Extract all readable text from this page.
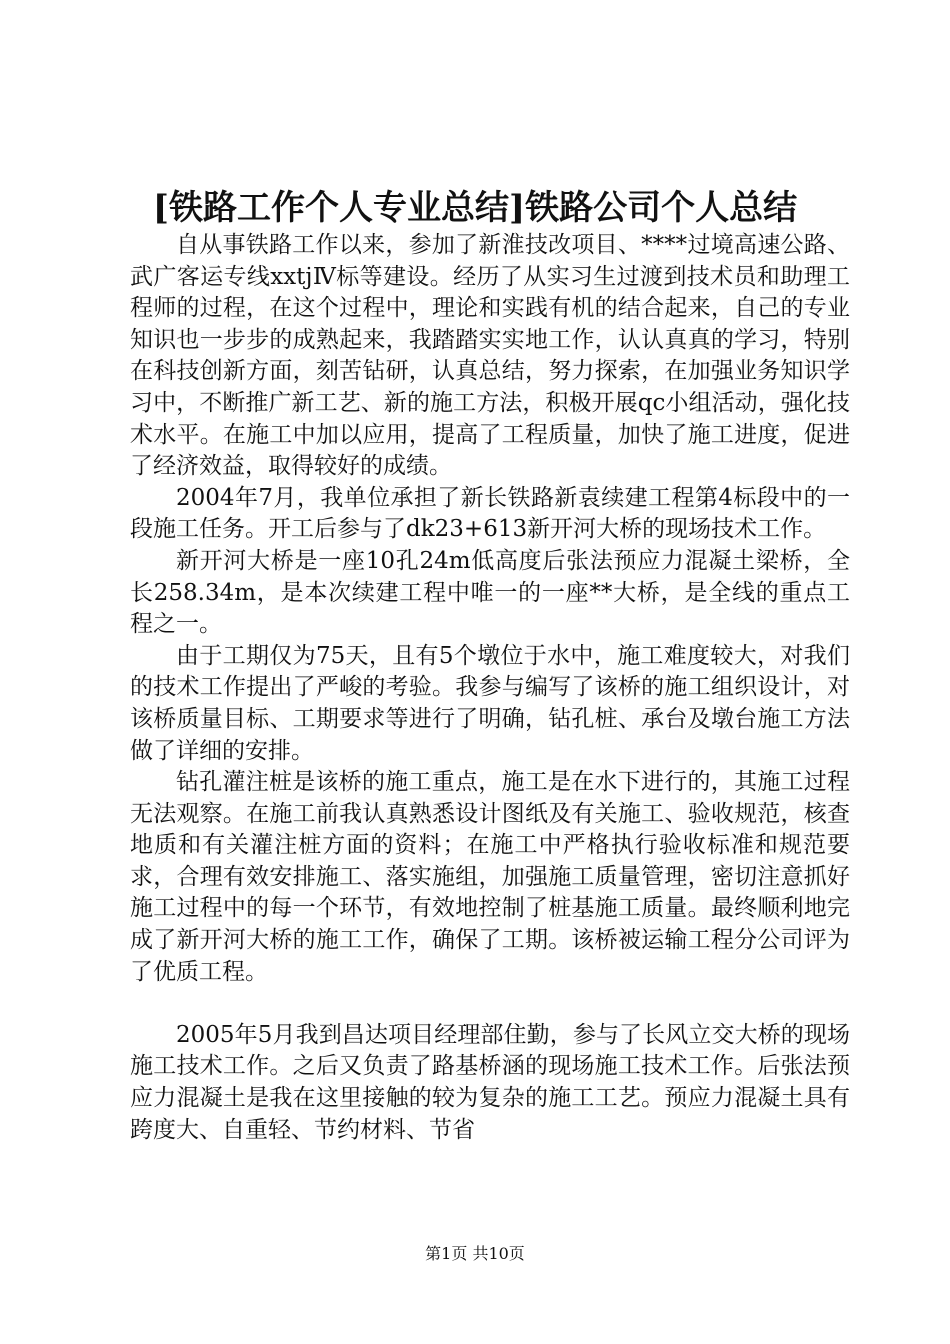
[铁路工作个人专业总结]铁路公司个人总结

自从事铁路工作以来，参加了新淮技改项目、****过境高速公路、武广客运专线xxtjⅣ标等建设。经历了从实习生过渡到技术员和助理工程师的过程，在这个过程中，理论和实践有机的结合起来，自己的专业知识也一步步的成熟起来，我踏踏实实地工作，认认真真的学习，特别在科技创新方面，刻苦钻研，认真总结，努力探索，在加强业务知识学习中，不断推广新工艺、新的施工方法，积极开展qc小组活动，强化技术水平。在施工中加以应用，提高了工程质量，加快了施工进度，促进了经济效益，取得较好的成绩。

2004年7月，我单位承担了新长铁路新袁续建工程第4标段中的一段施工任务。开工后参与了dk23+613新开河大桥的现场技术工作。

新开河大桥是一座10孔24m低高度后张法预应力混凝土梁桥，全长258.34m，是本次续建工程中唯一的一座**大桥，是全线的重点工程之一。

由于工期仅为75天，且有5个墩位于水中，施工难度较大，对我们的技术工作提出了严峻的考验。我参与编写了该桥的施工组织设计，对该桥质量目标、工期要求等进行了明确，钻孔桩、承台及墩台施工方法做了详细的安排。

钻孔灌注桩是该桥的施工重点，施工是在水下进行的，其施工过程无法观察。在施工前我认真熟悉设计图纸及有关施工、验收规范，核查地质和有关灌注桩方面的资料；在施工中严格执行验收标准和规范要求，合理有效安排施工、落实施组，加强施工质量管理，密切注意抓好施工过程中的每一个环节，有效地控制了桩基施工质量。最终顺利地完成了新开河大桥的施工工作，确保了工期。该桥被运输工程分公司评为了优质工程。

2005年5月我到昌达项目经理部住勤，参与了长风立交大桥的现场施工技术工作。之后又负责了路基桥涵的现场施工技术工作。后张法预应力混凝土是我在这里接触的较为复杂的施工工艺。预应力混凝土具有跨度大、自重轻、节约材料、节省

第1页 共10页
